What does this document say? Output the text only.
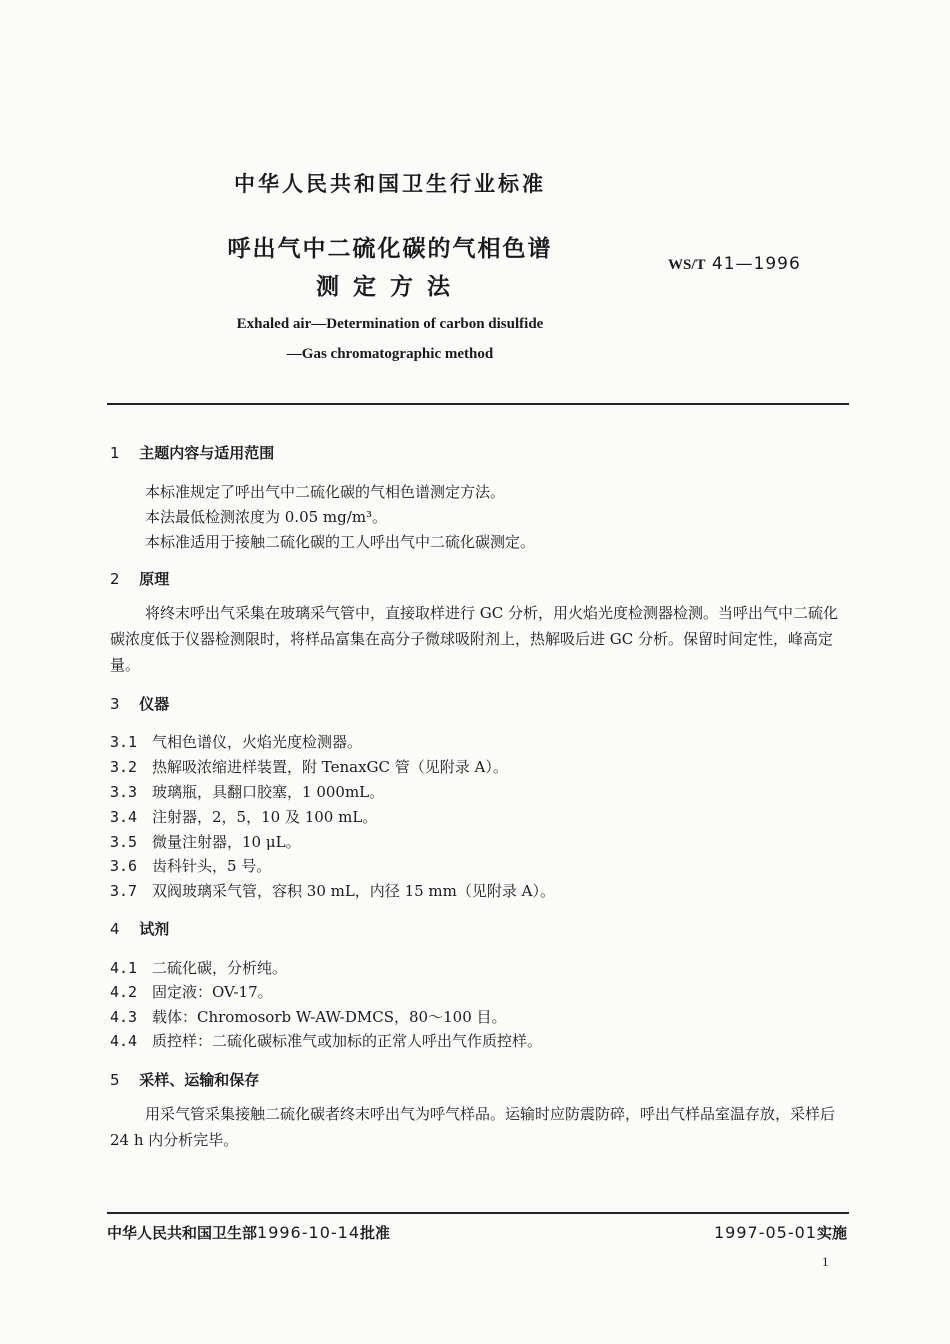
中华人民共和国卫生行业标准
呼出气中二硫化碳的气相色谱
测定方法
WS/T 41—1996
Exhaled air—Determination of carbon disulfide
—Gas chromatographic method
1 主题内容与适用范围
本标准规定了呼出气中二硫化碳的气相色谱测定方法。
本法最低检测浓度为 0.05 mg/m³。
本标准适用于接触二硫化碳的工人呼出气中二硫化碳测定。
2 原理
将终末呼出气采集在玻璃采气管中，直接取样进行 GC 分析，用火焰光度检测器检测。当呼出气中二硫化碳浓度低于仪器检测限时，将样品富集在高分子微球吸附剂上，热解吸后进 GC 分析。保留时间定性，峰高定量。
3 仪器
3.1 气相色谱仪，火焰光度检测器。
3.2 热解吸浓缩进样装置，附 TenaxGC 管（见附录 A）。
3.3 玻璃瓶，具翻口胶塞，1 000mL。
3.4 注射器，2，5，10 及 100 mL。
3.5 微量注射器，10 μL。
3.6 齿科针头，5 号。
3.7 双阀玻璃采气管，容积 30 mL，内径 15 mm（见附录 A）。
4 试剂
4.1 二硫化碳，分析纯。
4.2 固定液：OV-17。
4.3 载体：Chromosorb W-AW-DMCS，80～100 目。
4.4 质控样：二硫化碳标准气或加标的正常人呼出气作质控样。
5 采样、运输和保存
用采气管采集接触二硫化碳者终末呼出气为呼气样品。运输时应防震防碎，呼出气样品室温存放，采样后 24 h 内分析完毕。
中华人民共和国卫生部1996-10-14批准	1997-05-01实施
1
